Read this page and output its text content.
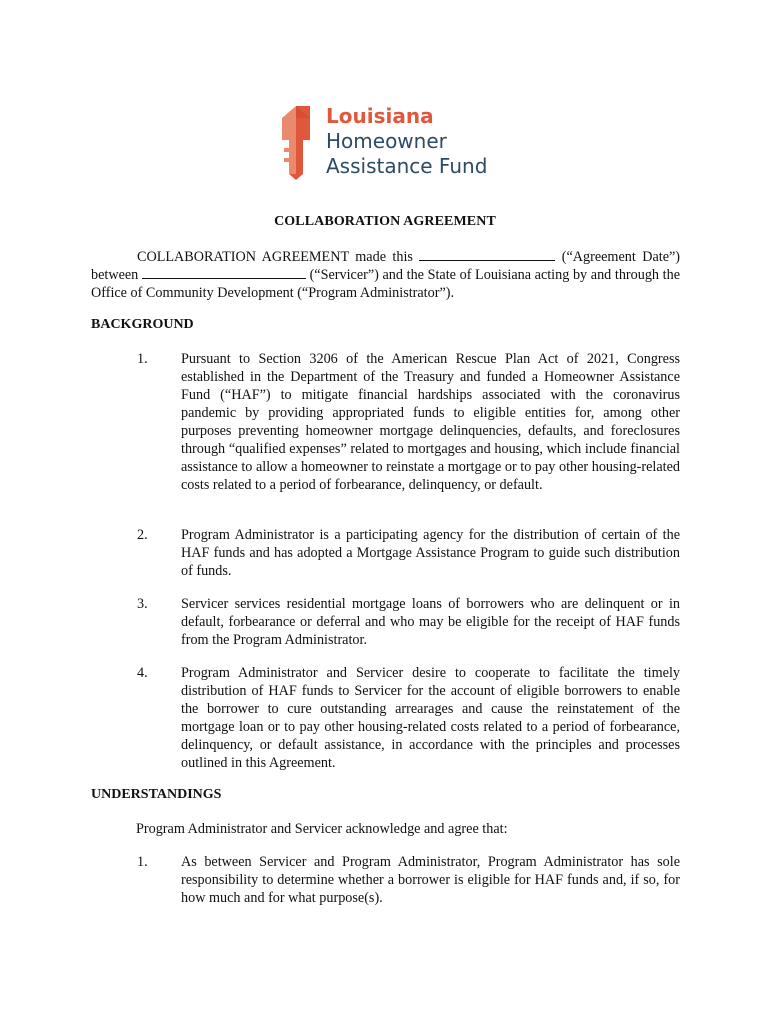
Louisiana
Homeowner
Assistance Fund
COLLABORATION AGREEMENT
COLLABORATION AGREEMENT made this	(“Agreement Date”) between	(“Servicer”) and the State of Louisiana acting by and through the Office of Community Development (“Program Administrator”).
BACKGROUND
1. Pursuant to Section 3206 of the American Rescue Plan Act of 2021, Congress established in the Department of the Treasury and funded a Homeowner Assistance Fund (“HAF”) to mitigate financial hardships associated with the coronavirus pandemic by providing appropriated funds to eligible entities for, among other purposes preventing homeowner mortgage delinquencies, defaults, and foreclosures through “qualified expenses” related to mortgages and housing, which include financial assistance to allow a homeowner to reinstate a mortgage or to pay other housing-related costs related to a period of forbearance, delinquency, or default.
2. Program Administrator is a participating agency for the distribution of certain of the HAF funds and has adopted a Mortgage Assistance Program to guide such distribution of funds.
3. Servicer services residential mortgage loans of borrowers who are delinquent or in default, forbearance or deferral and who may be eligible for the receipt of HAF funds from the Program Administrator.
4. Program Administrator and Servicer desire to cooperate to facilitate the timely distribution of HAF funds to Servicer for the account of eligible borrowers to enable the borrower to cure outstanding arrearages and cause the reinstatement of the mortgage loan or to pay other housing-related costs related to a period of forbearance, delinquency, or default assistance, in accordance with the principles and processes outlined in this Agreement.
UNDERSTANDINGS
Program Administrator and Servicer acknowledge and agree that:
1. As between Servicer and Program Administrator, Program Administrator has sole responsibility to determine whether a borrower is eligible for HAF funds and, if so, for how much and for what purpose(s).
